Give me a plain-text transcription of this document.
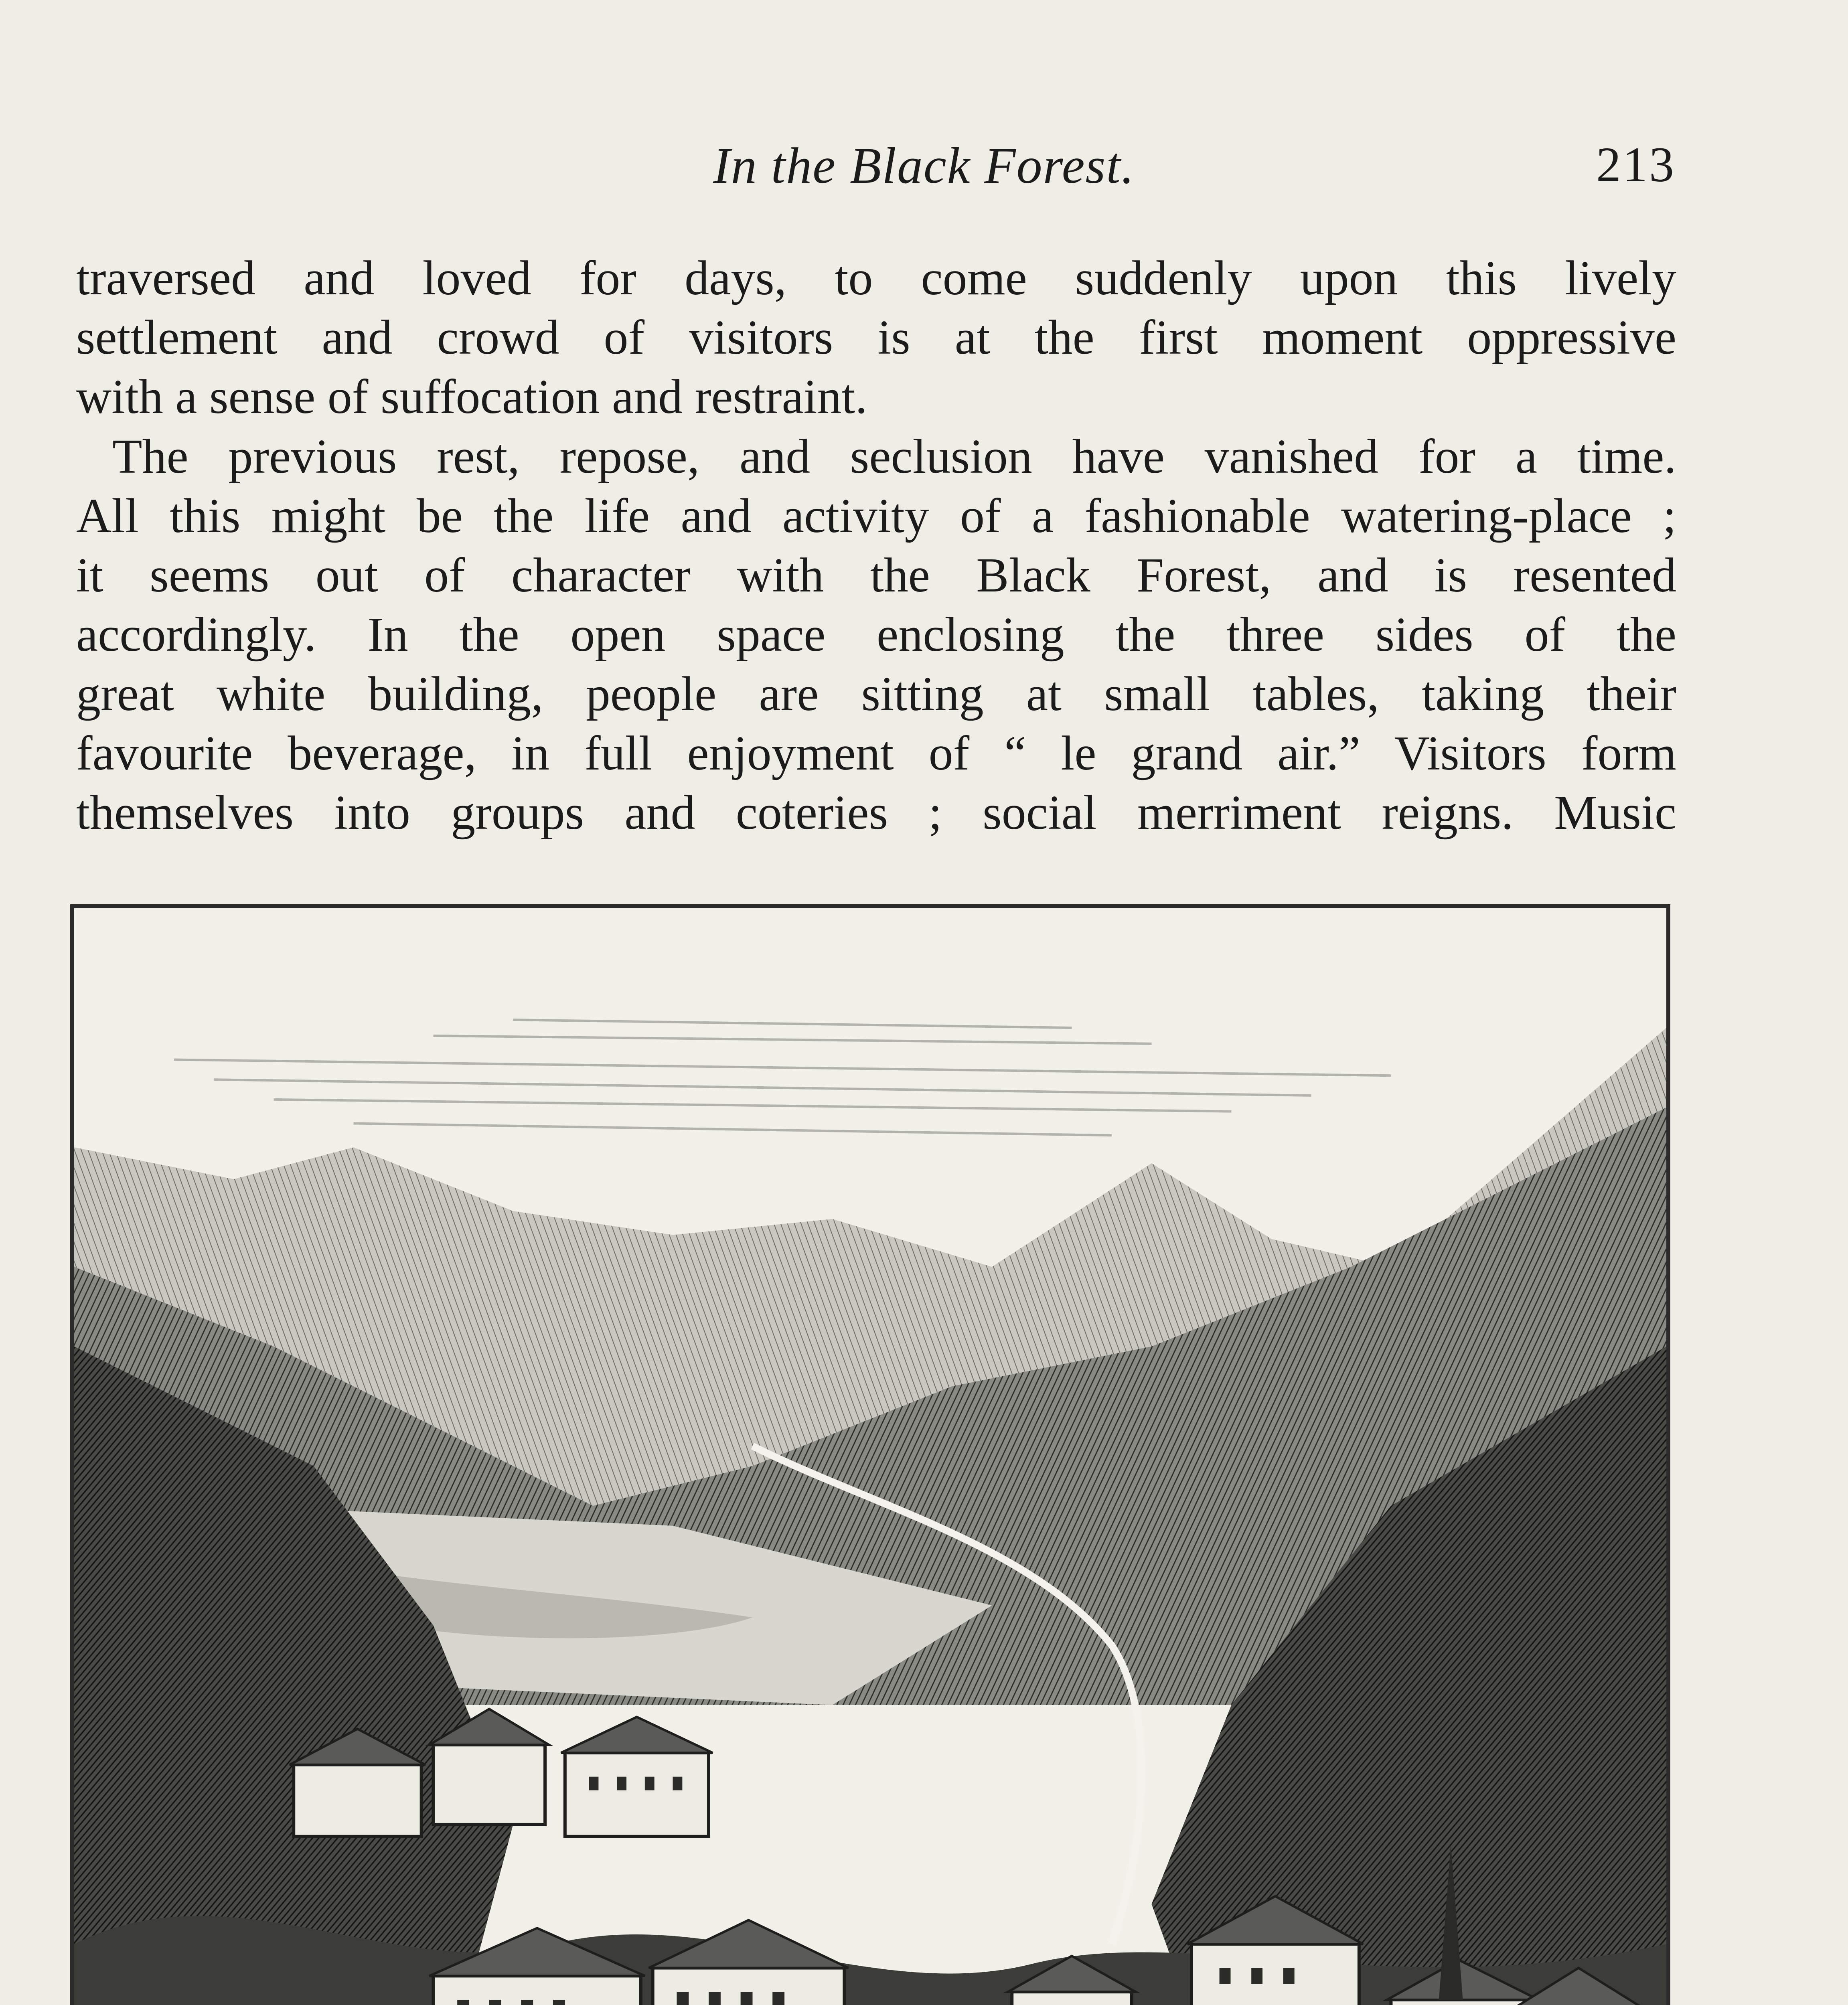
In the Black Forest.	213
traversed and loved for days, to come suddenly upon this lively
settlement and crowd of visitors is at the first moment oppressive
with a sense of suffocation and restraint.
The previous rest, repose, and seclusion have vanished for a time.
All this might be the life and activity of a fashionable watering-place ;
it seems out of character with the Black Forest, and is resented
accordingly. In the open space enclosing the three sides of the
great white building, people are sitting at small tables, taking their
favourite beverage, in full enjoyment of “ le grand air.” Visitors form
themselves into groups and coteries ; social merriment reigns. Music
